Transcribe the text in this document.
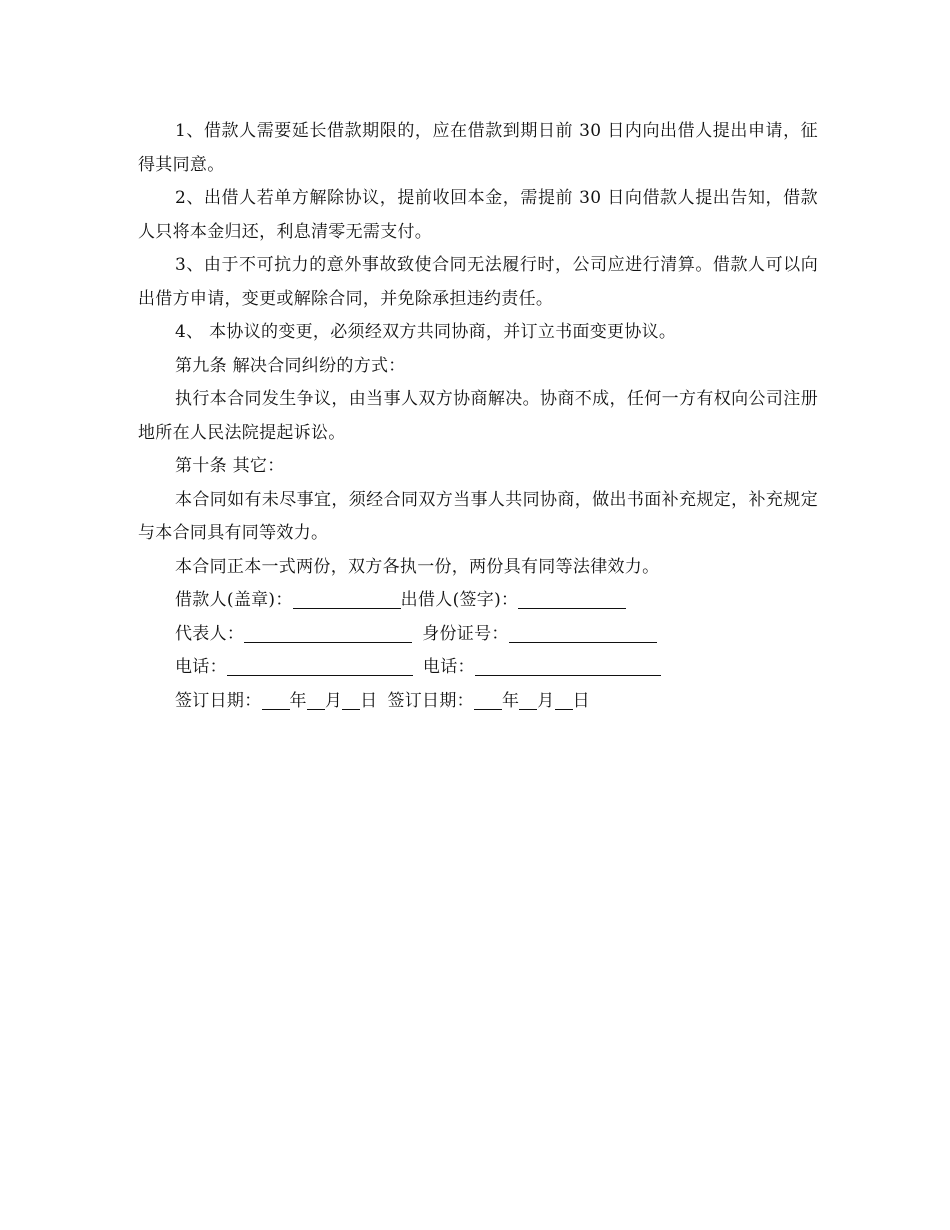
1、借款人需要延长借款期限的，应在借款到期日前 30 日内向出借人提出申请，征得其同意。

2、出借人若单方解除协议，提前收回本金，需提前 30 日向借款人提出告知，借款人只将本金归还，利息清零无需支付。

3、由于不可抗力的意外事故致使合同无法履行时，公司应进行清算。借款人可以向出借方申请，变更或解除合同，并免除承担违约责任。

4、 本协议的变更，必须经双方共同协商，并订立书面变更协议。

第九条 解决合同纠纷的方式：

执行本合同发生争议，由当事人双方协商解决。协商不成，任何一方有权向公司注册地所在人民法院提起诉讼。

第十条 其它：

本合同如有未尽事宜，须经合同双方当事人共同协商，做出书面补充规定，补充规定与本合同具有同等效力。

本合同正本一式两份，双方各执一份，两份具有同等法律效力。

借款人(盖章)：	出借人(签字)：
代表人：	身份证号：
电话：	电话：
签订日期： 年 月 日 签订日期： 年 月 日
